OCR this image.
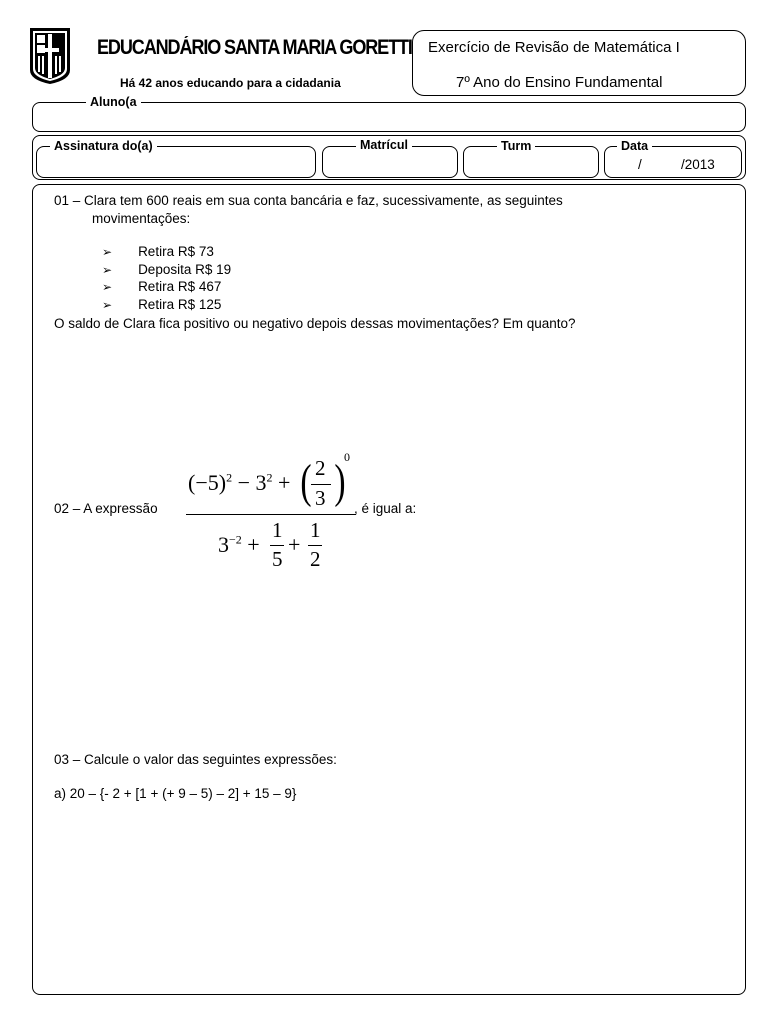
EDUCANDÁRIO SANTA MARIA GORETTI
Há 42 anos educando para a cidadania
Exercício de Revisão de Matemática I
7º Ano do Ensino Fundamental
Aluno(a
Assinatura do(a)	Matrícul	Turm	Data
/	/2013
01 – Clara tem 600 reais em sua conta bancária e faz, sucessivamente, as seguintes
movimentações:
➢ Retira R$ 73
➢ Deposita R$ 19
➢ Retira R$ 467
➢ Retira R$ 125
O saldo de Clara fica positivo ou negativo depois dessas movimentações? Em quanto?
02 – A expressão
$(-5)^2 - 3^2$ + ( 2
3 )
0
$3^{-2}$ +
1
5
+
1
2
, é igual a:
03 – Calcule o valor das seguintes expressões:
a) 20 – {- 2 + [1 + (+ 9 – 5) – 2] + 15 – 9}
